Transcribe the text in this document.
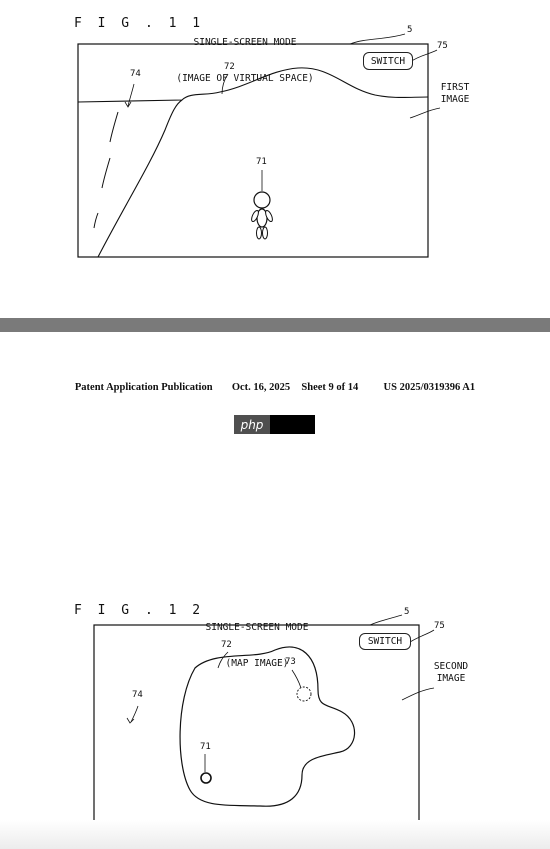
F I G . 1 1

SINGLE-SCREEN MODE

(IMAGE OF VIRTUAL SPACE)

5
75
SWITCH
74
72
71
FIRST
IMAGE
Patent Application Publication Oct. 16, 2025 Sheet 9 of 14 US 2025/0319396 A1
php
F I G . 1 2

SINGLE-SCREEN MODE

(MAP IMAGE)

5
75
SWITCH
72
73
74
71
SECOND
IMAGE
